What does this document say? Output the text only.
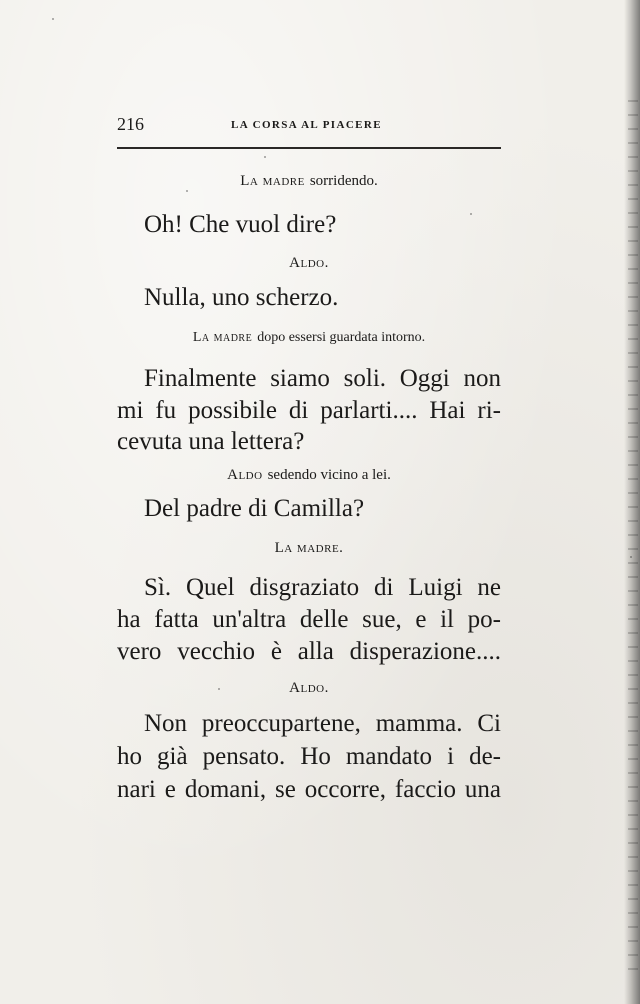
216	LA CORSA AL PIACERE
La madre sorridendo.
Oh! Che vuol dire?
Aldo.
Nulla, uno scherzo.
La madre dopo essersi guardata intorno.
Finalmente siamo soli. Oggi non
mi fu possibile di parlarti.... Hai ri-
cevuta una lettera?
Aldo sedendo vicino a lei.
Del padre di Camilla?
La madre.
Sì. Quel disgraziato di Luigi ne
ha fatta un'altra delle sue, e il po-
vero vecchio è alla disperazione....
Aldo.
Non preoccupartene, mamma. Ci
ho già pensato. Ho mandato i de-
nari e domani, se occorre, faccio una
